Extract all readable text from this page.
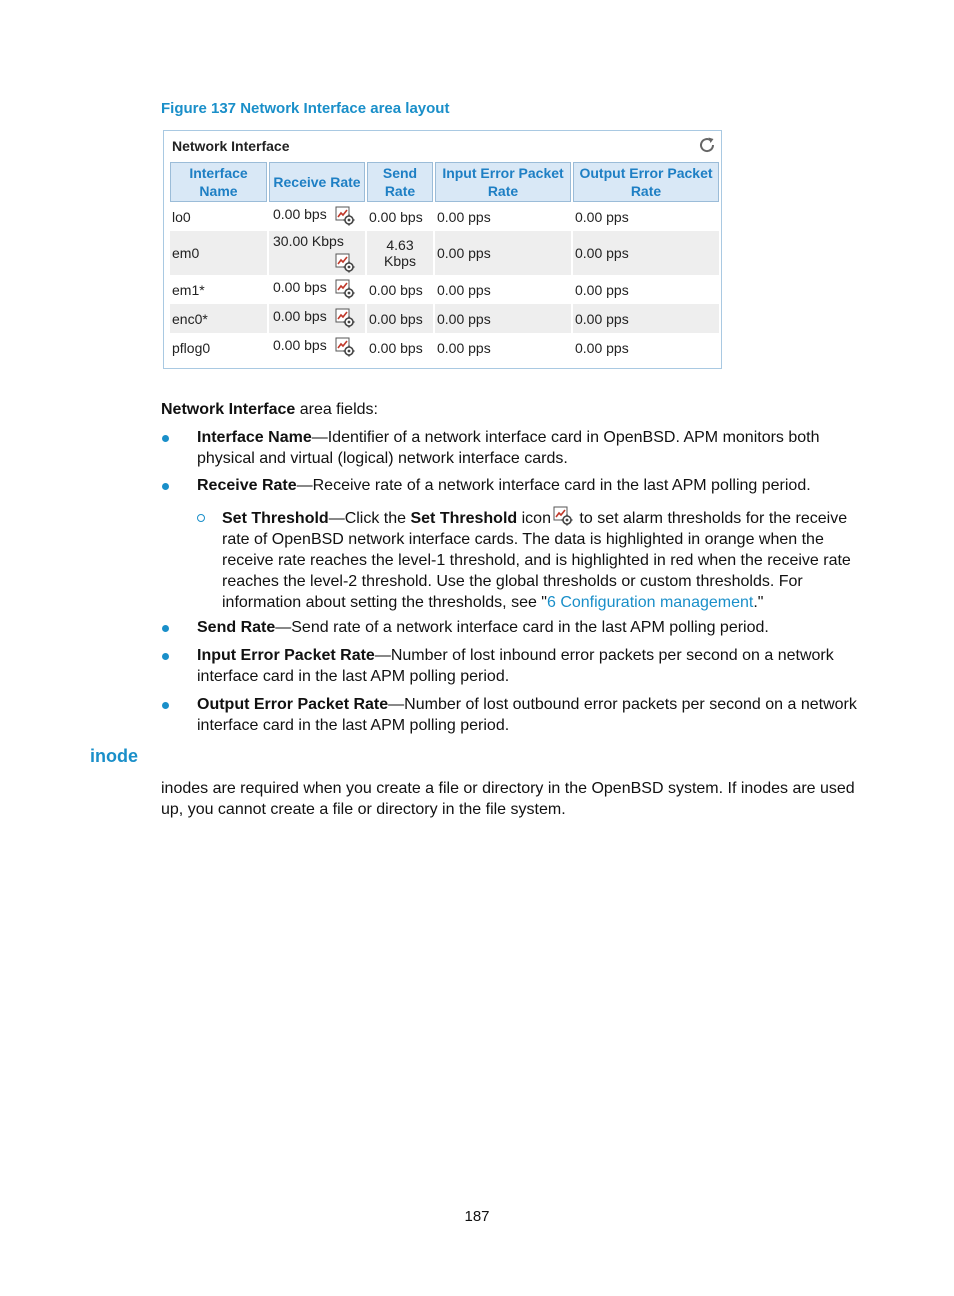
Figure 137 Network Interface area layout
Network Interface
Interface Name	Receive Rate	Send Rate	Input Error Packet Rate	Output Error Packet Rate
lo0	0.00 bps	0.00 bps	0.00 pps	0.00 pps
em0	30.00 Kbps	4.63 Kbps	0.00 pps	0.00 pps
em1*	0.00 bps	0.00 bps	0.00 pps	0.00 pps
enc0*	0.00 bps	0.00 bps	0.00 pps	0.00 pps
pflog0	0.00 bps	0.00 bps	0.00 pps	0.00 pps
Network Interface area fields:
Interface Name—Identifier of a network interface card in OpenBSD. APM monitors both physical and virtual (logical) network interface cards.
Receive Rate—Receive rate of a network interface card in the last APM polling period.
Set Threshold—Click the Set Threshold icon to set alarm thresholds for the receive rate of OpenBSD network interface cards. The data is highlighted in orange when the receive rate reaches the level-1 threshold, and is highlighted in red when the receive rate reaches the level-2 threshold. Use the global thresholds or custom thresholds. For information about setting the thresholds, see "6 Configuration management."
Send Rate—Send rate of a network interface card in the last APM polling period.
Input Error Packet Rate—Number of lost inbound error packets per second on a network interface card in the last APM polling period.
Output Error Packet Rate—Number of lost outbound error packets per second on a network interface card in the last APM polling period.
inode
inodes are required when you create a file or directory in the OpenBSD system. If inodes are used up, you cannot create a file or directory in the file system.
187
